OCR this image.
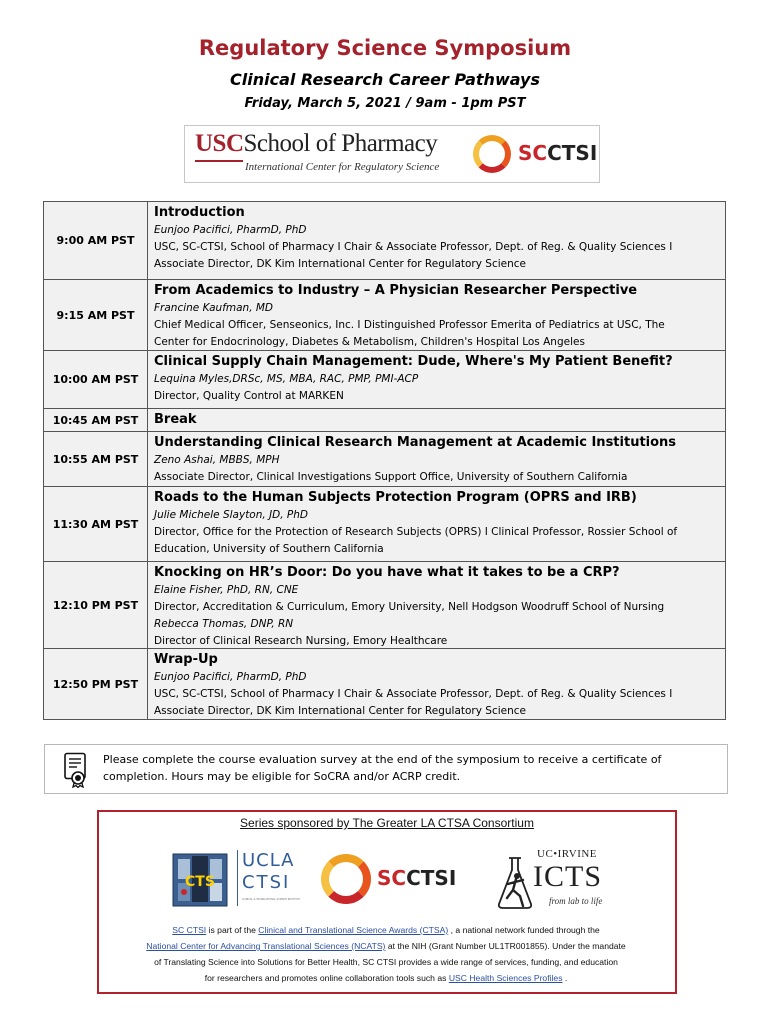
Regulatory Science Symposium
Clinical Research Career Pathways
Friday, March 5, 2021 / 9am - 1pm PST
USCSchool of Pharmacy
International Center for Regulatory Science
SCCTSI
9:00 AM PST
Introduction
Eunjoo Pacifici, PharmD, PhD
USC, SC-CTSI, School of Pharmacy I Chair & Associate Professor, Dept. of Reg. & Quality Sciences I
Associate Director, DK Kim International Center for Regulatory Science
9:15 AM PST
From Academics to Industry – A Physician Researcher Perspective
Francine Kaufman, MD
Chief Medical Officer, Senseonics, Inc. I Distinguished Professor Emerita of Pediatrics at USC, The
Center for Endocrinology, Diabetes & Metabolism, Children's Hospital Los Angeles
10:00 AM PST
Clinical Supply Chain Management: Dude, Where's My Patient Benefit?
Lequina Myles,DRSc, MS, MBA, RAC, PMP, PMI-ACP
Director, Quality Control at MARKEN
10:45 AM PST	Break
10:55 AM PST
Understanding Clinical Research Management at Academic Institutions
Zeno Ashai, MBBS, MPH
Associate Director, Clinical Investigations Support Office, University of Southern California
11:30 AM PST
Roads to the Human Subjects Protection Program (OPRS and IRB)
Julie Michele Slayton, JD, PhD
Director, Office for the Protection of Research Subjects (OPRS) I Clinical Professor, Rossier School of
Education, University of Southern California
12:10 PM PST
Knocking on HR’s Door: Do you have what it takes to be a CRP?
Elaine Fisher, PhD, RN, CNE
Director, Accreditation & Curriculum, Emory University, Nell Hodgson Woodruff School of Nursing
Rebecca Thomas, DNP, RN
Director of Clinical Research Nursing, Emory Healthcare
12:50 PM PST
Wrap-Up
Eunjoo Pacifici, PharmD, PhD
USC, SC-CTSI, School of Pharmacy I Chair & Associate Professor, Dept. of Reg. & Quality Sciences I
Associate Director, DK Kim International Center for Regulatory Science
Please complete the course evaluation survey at the end of the symposium to receive a certificate of
completion. Hours may be eligible for SoCRA and/or ACRP credit.
Series sponsored by The Greater LA CTSA Consortium
CTS
UCLA
CTSI
CLINICAL & TRANSLATIONAL SCIENCE INSTITUTE
SCCTSI
UC•IRVINE
ICTS
from lab to life
SC CTSI is part of the Clinical and Translational Science Awards (CTSA) , a national network funded through the
National Center for Advancing Translational Sciences (NCATS) at the NIH (Grant Number UL1TR001855). Under the mandate
of Translating Science into Solutions for Better Health, SC CTSI provides a wide range of services, funding, and education
for researchers and promotes online collaboration tools such as USC Health Sciences Profiles .
